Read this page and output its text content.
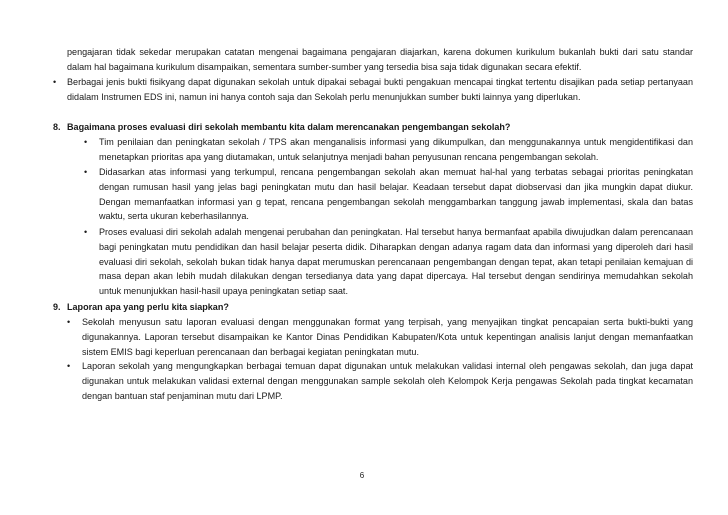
pengajaran tidak sekedar merupakan catatan mengenai bagaimana pengajaran diajarkan, karena dokumen kurikulum bukanlah bukti dari satu standar dalam hal bagaimana kurikulum disampaikan, sementara sumber-sumber yang tersedia bisa saja tidak digunakan secara efektif.
• Berbagai jenis bukti fisikyang dapat digunakan sekolah untuk dipakai sebagai bukti pengakuan mencapai tingkat tertentu disajikan pada setiap pertanyaan didalam Instrumen EDS ini, namun ini hanya contoh saja dan Sekolah perlu menunjukkan sumber bukti lainnya yang diperlukan.
8. Bagaimana proses evaluasi diri sekolah membantu kita dalam merencanakan pengembangan sekolah?
• Tim penilaian dan peningkatan sekolah / TPS akan menganalisis informasi yang dikumpulkan, dan menggunakannya untuk mengidentifikasi dan menetapkan prioritas apa yang diutamakan, untuk selanjutnya menjadi bahan penyusunan rencana pengembangan sekolah.
• Didasarkan atas informasi yang terkumpul, rencana pengembangan sekolah akan memuat hal-hal yang terbatas sebagai prioritas peningkatan dengan rumusan hasil yang jelas bagi peningkatan mutu dan hasil belajar. Keadaan tersebut dapat diobservasi dan jika mungkin dapat diukur. Dengan memanfaatkan informasi yan g tepat, rencana pengembangan sekolah menggambarkan tanggung jawab implementasi, skala dan batas waktu, serta ukuran keberhasilannya.
• Proses evaluasi diri sekolah adalah mengenai perubahan dan peningkatan. Hal tersebut hanya bermanfaat apabila diwujudkan dalam perencanaan bagi peningkatan mutu pendidikan dan hasil belajar peserta didik. Diharapkan dengan adanya ragam data dan informasi yang diperoleh dari hasil evaluasi diri sekolah, sekolah bukan tidak hanya dapat merumuskan perencanaan pengembangan dengan tepat, akan tetapi penilaian kemajuan di masa depan akan lebih mudah dilakukan dengan tersedianya data yang dapat dipercaya. Hal tersebut dengan sendirinya memudahkan sekolah untuk menunjukkan hasil-hasil upaya peningkatan setiap saat.
9. Laporan apa yang perlu kita siapkan?
• Sekolah menyusun satu laporan evaluasi dengan menggunakan format yang terpisah, yang menyajikan tingkat pencapaian serta bukti-bukti yang digunakannya. Laporan tersebut disampaikan ke Kantor Dinas Pendidikan Kabupaten/Kota untuk kepentingan analisis lanjut dengan memanfaatkan sistem EMIS bagi keperluan perencanaan dan berbagai kegiatan peningkatan mutu.
• Laporan sekolah yang mengungkapkan berbagai temuan dapat digunakan untuk melakukan validasi internal oleh pengawas sekolah, dan juga dapat digunakan untuk melakukan validasi external dengan menggunakan sample sekolah oleh Kelompok Kerja pengawas Sekolah pada tingkat kecamatan dengan bantuan staf penjaminan mutu dari LPMP.
6
